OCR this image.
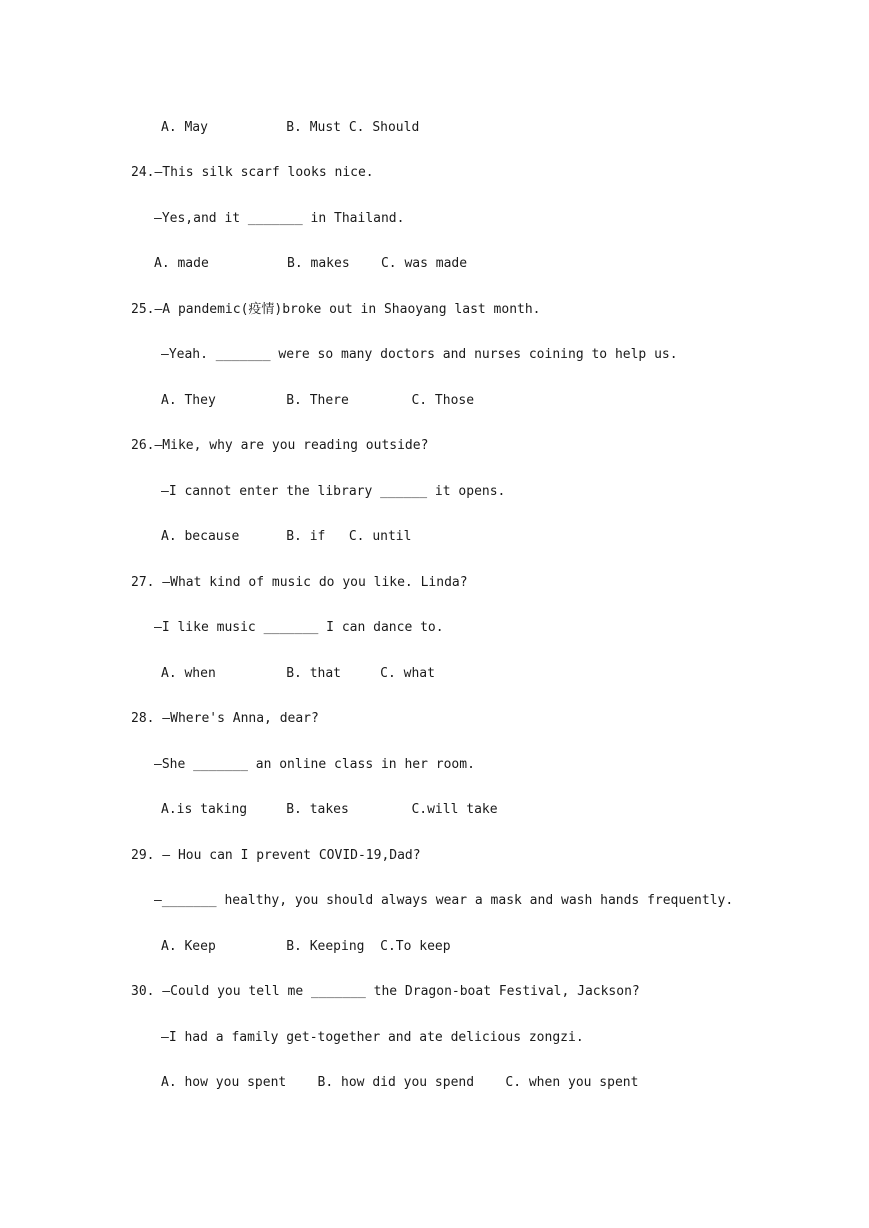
A. May          B. Must C. Should

24.—This silk scarf looks nice.

—Yes,and it _______ in Thailand.

A. made          B. makes    C. was made

25.—A pandemic(疫情)broke out in Shaoyang last month.

—Yeah. _______ were so many doctors and nurses coining to help us.

A. They         B. There        C. Those

26.—Mike, why are you reading outside?

—I cannot enter the library ______ it opens.

A. because      B. if   C. until

27. —What kind of music do you like. Linda?

—I like music _______ I can dance to.

A. when         B. that     C. what

28. —Where's Anna, dear?

—She _______ an online class in her room.

A.is taking     B. takes        C.will take

29. — Hou can I prevent COVID-19,Dad?

—_______ healthy, you should always wear a mask and wash hands frequently.

A. Keep         B. Keeping  C.To keep

30. —Could you tell me _______ the Dragon-boat Festival, Jackson?

—I had a family get-together and ate delicious zongzi.

A. how you spent    B. how did you spend    C. when you spent
